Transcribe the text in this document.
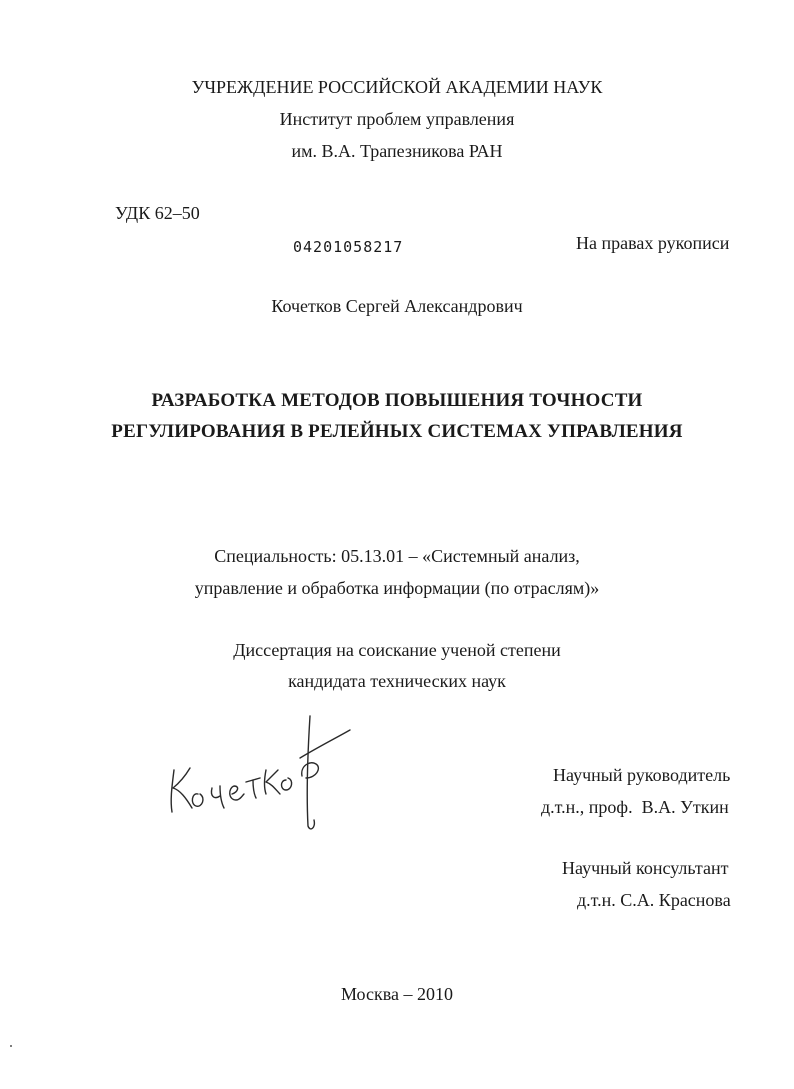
УЧРЕЖДЕНИЕ РОССИЙСКОЙ АКАДЕМИИ НАУК
Институт проблем управления
им. В.А. Трапезникова РАН
УДК 62–50
04201058217	На правах рукописи
Кочетков Сергей Александрович
РАЗРАБОТКА МЕТОДОВ ПОВЫШЕНИЯ ТОЧНОСТИ
РЕГУЛИРОВАНИЯ В РЕЛЕЙНЫХ СИСТЕМАХ УПРАВЛЕНИЯ
Специальность: 05.13.01 – «Системный анализ,
управление и обработка информации (по отраслям)»
Диссертация на соискание ученой степени
кандидата технических наук
Научный руководитель
д.т.н., проф.  В.А. Уткин
Научный консультант
д.т.н. С.А. Краснова
Москва – 2010
